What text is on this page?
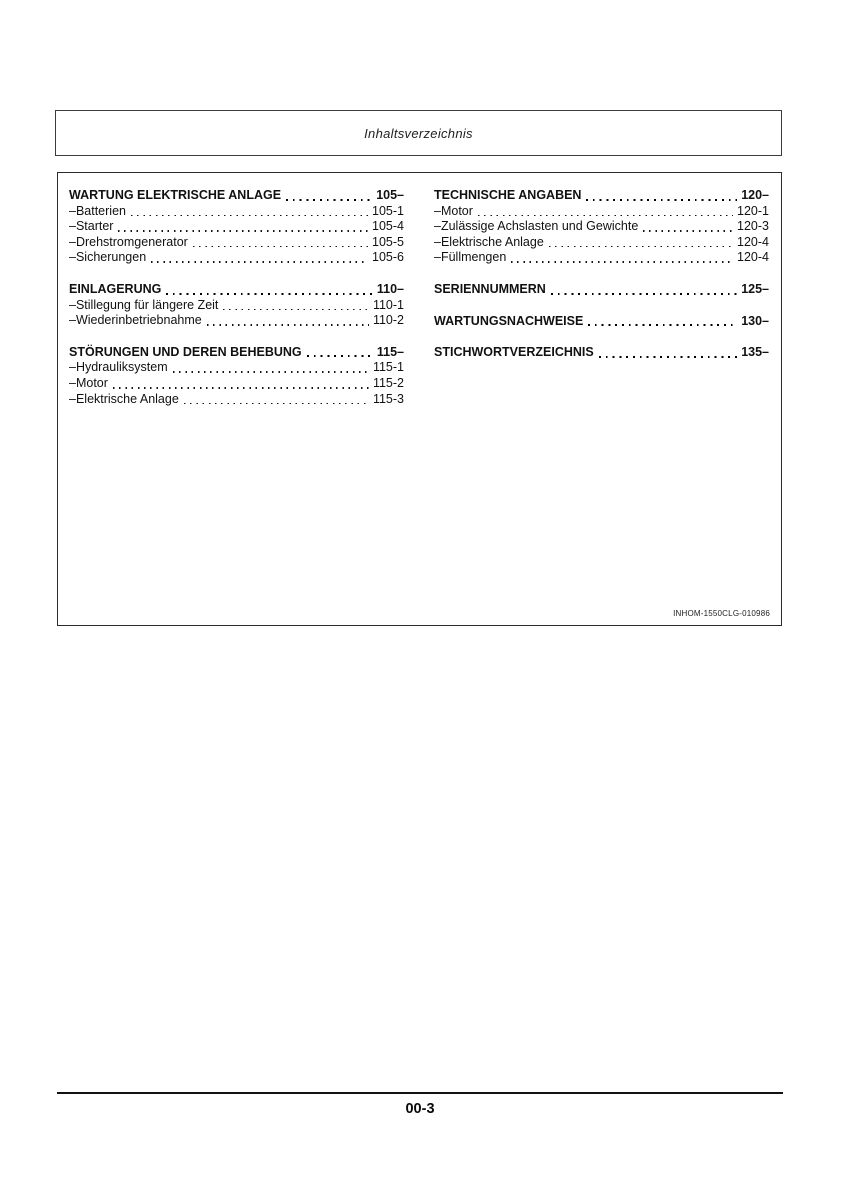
Inhaltsverzeichnis
WARTUNG ELEKTRISCHE ANLAGE	105–
–Batterien	105-1
–Starter	105-4
–Drehstromgenerator	105-5
–Sicherungen	105-6
EINLAGERUNG	110–
–Stillegung für längere Zeit	110-1
–Wiederinbetriebnahme	110-2
STÖRUNGEN UND DEREN BEHEBUNG	115–
–Hydrauliksystem	115-1
–Motor	115-2
–Elektrische Anlage	115-3
TECHNISCHE ANGABEN	120–
–Motor	120-1
–Zulässige Achslasten und Gewichte	120-3
–Elektrische Anlage	120-4
–Füllmengen	120-4
SERIENNUMMERN	125–
WARTUNGSNACHWEISE	130–
STICHWORTVERZEICHNIS	135–
INHOM-1550CLG-010986
00-3
